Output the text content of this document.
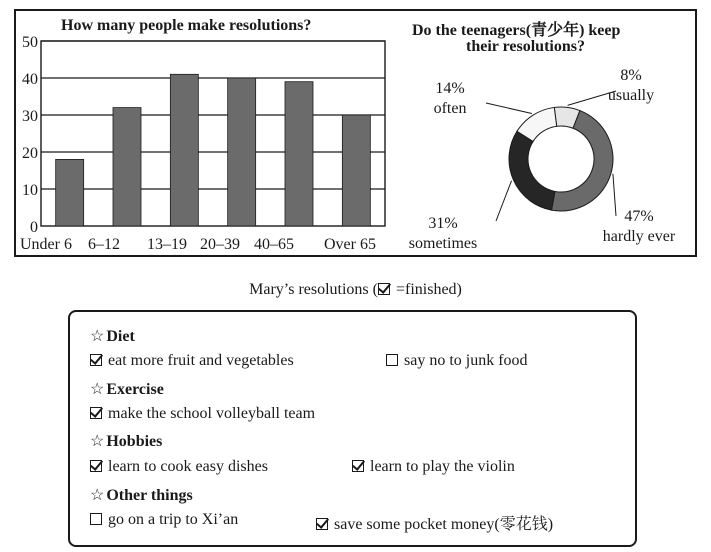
How many people make resolutions?	Do the teenagers(青少年) keep
their resolutions?
0
10
20
30
40
50
Under 6 6–12 13–19 20–39 40–65 Over 65
8%
usually
47%
hardly ever
31%
sometimes
14%
often
Mary’s resolutions ( =finished)
☆ Diet
eat more fruit and vegetables	say no to junk food
☆ Exercise
make the school volleyball team
☆ Hobbies
learn to cook easy dishes	learn to play the violin
☆ Other things
go on a trip to Xi’an	save some pocket money(零花钱)
